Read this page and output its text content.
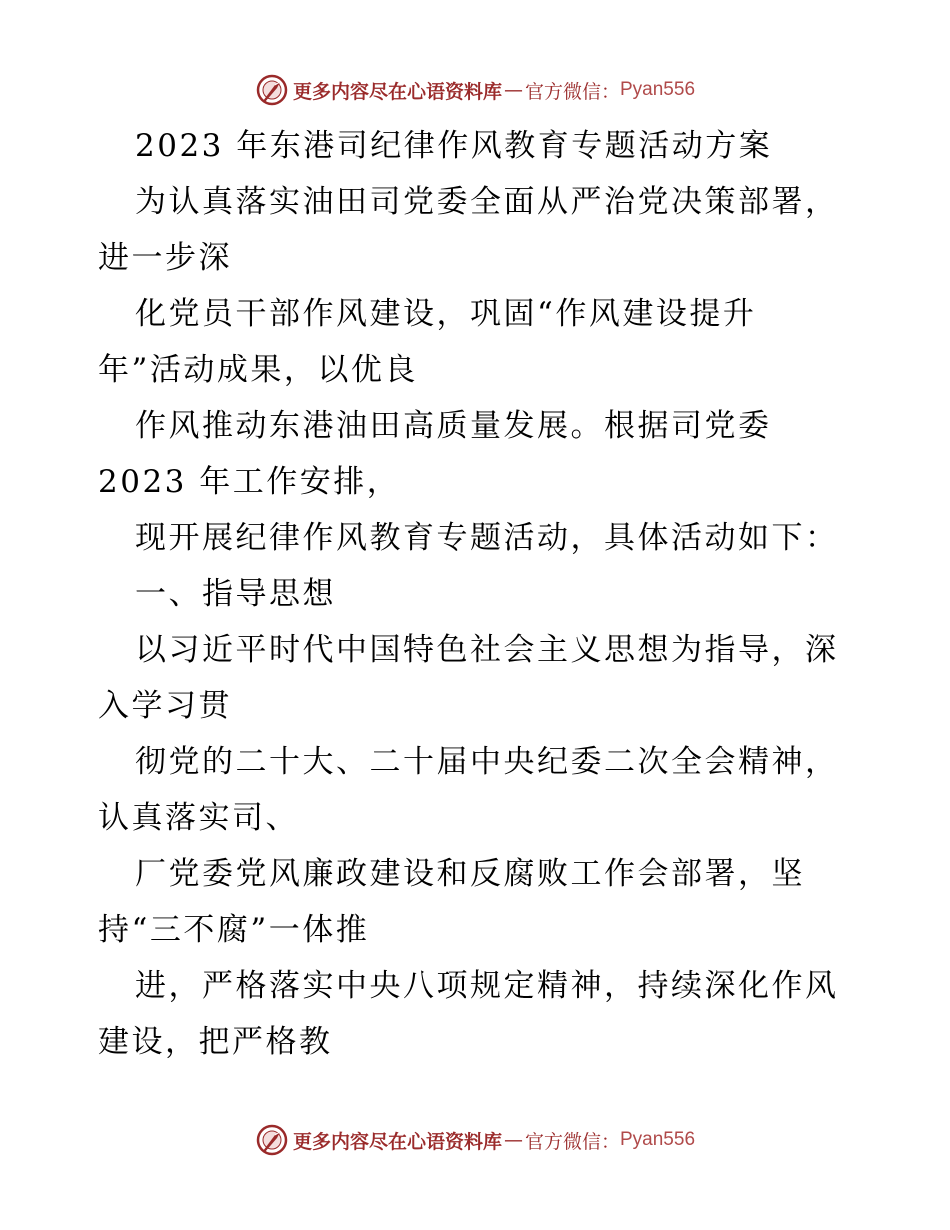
更多内容尽在心语资料库 — 官方微信： Pyan556
2023 年东港司纪律作风教育专题活动方案
为认真落实油田司党委全面从严治党决策部署，
进一步深
化党员干部作风建设，巩固“作风建设提升
年”活动成果，以优良
作风推动东港油田高质量发展。根据司党委
2023 年工作安排，
现开展纪律作风教育专题活动，具体活动如下：
一、指导思想
以习近平时代中国特色社会主义思想为指导，深
入学习贯
彻党的二十大、二十届中央纪委二次全会精神，
认真落实司、
厂党委党风廉政建设和反腐败工作会部署，坚
持“三不腐”一体推
进，严格落实中央八项规定精神，持续深化作风
建设，把严格教
更多内容尽在心语资料库 — 官方微信： Pyan556
